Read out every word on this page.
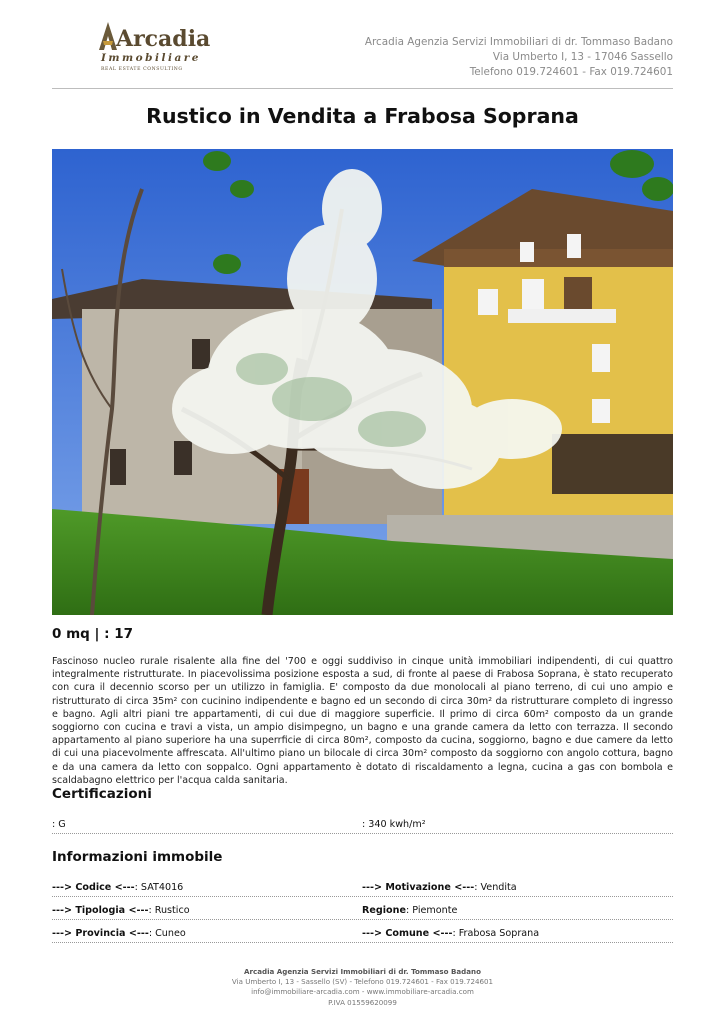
Arcadia
Immobiliare
REAL ESTATE CONSULTING
Arcadia Agenzia Servizi Immobiliari di dr. Tommaso Badano
Via Umberto I, 13 - 17046 Sassello
Telefono 019.724601 - Fax 019.724601
Rustico in Vendita a Frabosa Soprana
0 mq | : 17

Fascinoso nucleo rurale risalente alla fine del '700 e oggi suddiviso in cinque unità immobiliari indipendenti, di cui quattro integralmente ristrutturate. In piacevolissima posizione esposta a sud, di fronte al paese di Frabosa Soprana, è stato recuperato con cura il decennio scorso per un utilizzo in famiglia. E' composto da due monolocali al piano terreno, di cui uno ampio e ristrutturato di circa 35m² con cucinino indipendente e bagno ed un secondo di circa 30m² da ristrutturare completo di ingresso e bagno. Agli altri piani tre appartamenti, di cui due di maggiore superficie. Il primo di circa 60m² composto da un grande soggiorno con cucina e travi a vista, un ampio disimpegno, un bagno e una grande camera da letto con terrazza. Il secondo appartamento al piano superiore ha una superrficie di circa 80m², composto da cucina, soggiorno, bagno e due camere da letto di cui una piacevolmente affrescata. All'ultimo piano un bilocale di circa 30m² composto da soggiorno con angolo cottura, bagno e da una camera da letto con soppalco. Ogni appartamento è dotato di riscaldamento a legna, cucina a gas con bombola e scaldabagno elettrico per l'acqua calda sanitaria.

Certificazioni
: G	: 340 kwh/m²
Informazioni immobile
---> Codice <---: SAT4016	---> Motivazione <---: Vendita
---> Tipologia <---: Rustico	Regione: Piemonte
---> Provincia <---: Cuneo	---> Comune <---: Frabosa Soprana
Arcadia Agenzia Servizi Immobiliari di dr. Tommaso Badano
Via Umberto I, 13 - Sassello (SV) - Telefono 019.724601 - Fax 019.724601
info@immobiliare-arcadia.com - www.immobiliare-arcadia.com
P.IVA 01559620099
